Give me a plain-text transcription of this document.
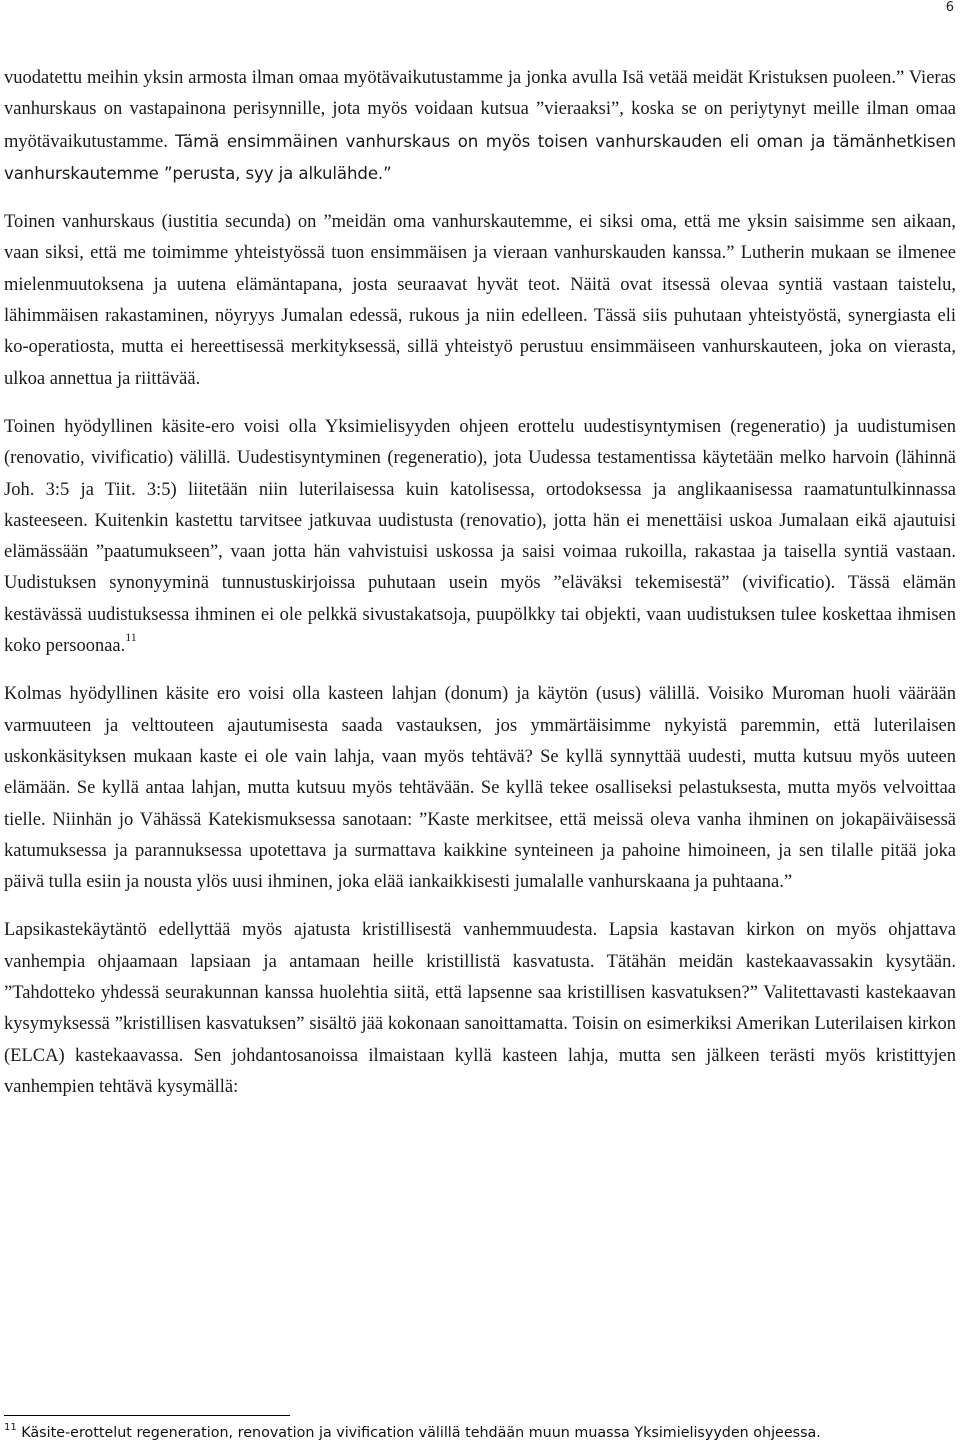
6

vuodatettu meihin yksin armosta ilman omaa myötävaikutustamme ja jonka avulla Isä vetää meidät Kristuksen puoleen.” Vieras vanhurskaus on vastapainona perisynnille, jota myös voidaan kutsua ”vieraaksi”, koska se on periytynyt meille ilman omaa myötävaikutustamme. Tämä ensimmäinen vanhurskaus on myös toisen vanhurskauden eli oman ja tämänhetkisen vanhurskautemme ”perusta, syy ja alkulähde.”

Toinen vanhurskaus (iustitia secunda) on ”meidän oma vanhurskautemme, ei siksi oma, että me yksin saisimme sen aikaan, vaan siksi, että me toimimme yhteistyössä tuon ensimmäisen ja vieraan vanhurskauden kanssa.” Lutherin mukaan se ilmenee mielenmuutoksena ja uutena elämäntapana, josta seuraavat hyvät teot. Näitä ovat itsessä olevaa syntiä vastaan taistelu, lähimmäisen rakastaminen, nöyryys Jumalan edessä, rukous ja niin edelleen. Tässä siis puhutaan yhteistyöstä, synergiasta eli ko-operatiosta, mutta ei hereettisessä merkityksessä, sillä yhteistyö perustuu ensimmäiseen vanhurskauteen, joka on vierasta, ulkoa annettua ja riittävää.

Toinen hyödyllinen käsite-ero voisi olla Yksimielisyyden ohjeen erottelu uudestisyntymisen (regeneratio) ja uudistumisen (renovatio, vivificatio) välillä. Uudestisyntyminen (regeneratio), jota Uudessa testamentissa käytetään melko harvoin (lähinnä Joh. 3:5 ja Tiit. 3:5) liitetään niin luterilaisessa kuin katolisessa, ortodoksessa ja anglikaanisessa raamatuntulkinnassa kasteeseen. Kuitenkin kastettu tarvitsee jatkuvaa uudistusta (renovatio), jotta hän ei menettäisi uskoa Jumalaan eikä ajautuisi elämässään ”paatumukseen”, vaan jotta hän vahvistuisi uskossa ja saisi voimaa rukoilla, rakastaa ja taisella syntiä vastaan. Uudistuksen synonyyminä tunnustuskirjoissa puhutaan usein myös ”eläväksi tekemisestä” (vivificatio). Tässä elämän kestävässä uudistuksessa ihminen ei ole pelkkä sivustakatsoja, puupölkky tai objekti, vaan uudistuksen tulee koskettaa ihmisen koko persoonaa.$^{11}$

Kolmas hyödyllinen käsite ero voisi olla kasteen lahjan (donum) ja käytön (usus) välillä. Voisiko Muroman huoli väärään varmuuteen ja velttouteen ajautumisesta saada vastauksen, jos ymmärtäisimme nykyistä paremmin, että luterilaisen uskonkäsityksen mukaan kaste ei ole vain lahja, vaan myös tehtävä? Se kyllä synnyttää uudesti, mutta kutsuu myös uuteen elämään. Se kyllä antaa lahjan, mutta kutsuu myös tehtävään. Se kyllä tekee osalliseksi pelastuksesta, mutta myös velvoittaa tielle. Niinhän jo Vähässä Katekismuksessa sanotaan: ”Kaste merkitsee, että meissä oleva vanha ihminen on jokapäiväisessä katumuksessa ja parannuksessa upotettava ja surmattava kaikkine synteineen ja pahoine himoineen, ja sen tilalle pitää joka päivä tulla esiin ja nousta ylös uusi ihminen, joka elää iankaikkisesti jumalalle vanhurskaana ja puhtaana.”

Lapsikastekäytäntö edellyttää myös ajatusta kristillisestä vanhemmuudesta. Lapsia kastavan kirkon on myös ohjattava vanhempia ohjaamaan lapsiaan ja antamaan heille kristillistä kasvatusta. Tätähän meidän kastekaavassakin kysytään. ”Tahdotteko yhdessä seurakunnan kanssa huolehtia siitä, että lapsenne saa kristillisen kasvatuksen?” Valitettavasti kastekaavan kysymyksessä ”kristillisen kasvatuksen” sisältö jää kokonaan sanoittamatta. Toisin on esimerkiksi Amerikan Luterilaisen kirkon (ELCA) kastekaavassa. Sen johdantosanoissa ilmaistaan kyllä kasteen lahja, mutta sen jälkeen terästi myös kristittyjen vanhempien tehtävä kysymällä:

$^{11}$ Käsite-erottelut regeneration, renovation ja vivification välillä tehdään muun muassa Yksimielisyyden ohjeessa.
